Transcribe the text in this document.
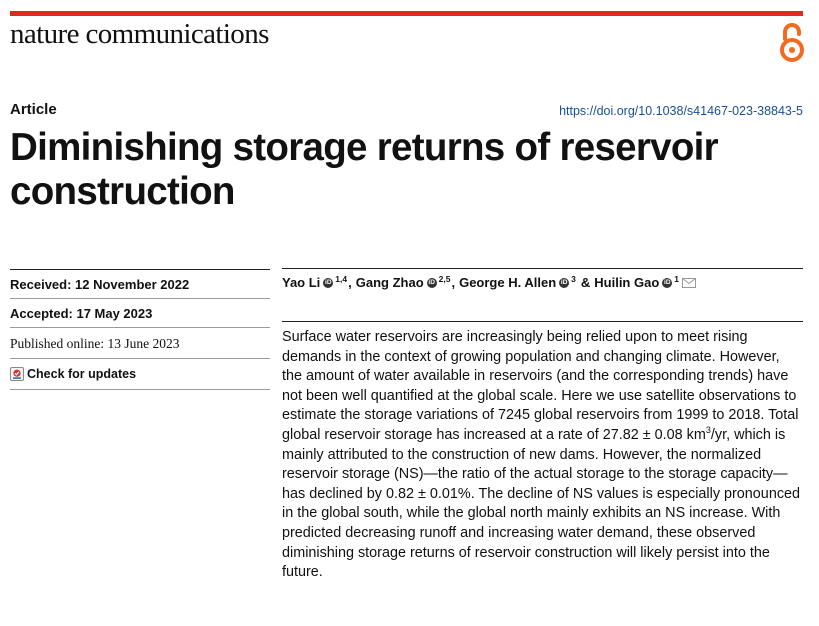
nature communications
Article	https://doi.org/10.1038/s41467-023-38843-5
Diminishing storage returns of reservoir
construction
Received: 12 November 2022
Accepted: 17 May 2023
Published online: 13 June 2023
Check for updates
Yao Li iD 1,4 , Gang Zhao iD 2,5 , George H. Allen iD 3 & Huilin Gao iD 1

Surface water reservoirs are increasingly being relied upon to meet rising demands in the context of growing population and changing climate. However, the amount of water available in reservoirs (and the corresponding trends) have not been well quantified at the global scale. Here we use satellite observations to estimate the storage variations of 7245 global reservoirs from 1999 to 2018. Total global reservoir storage has increased at a rate of 27.82 ± 0.08 $km^3/yr$, which is mainly attributed to the construction of new dams. However, the normalized reservoir storage (NS)—the ratio of the actual storage to the storage capacity—has declined by 0.82 ± 0.01%. The decline of NS values is especially pronounced in the global south, while the global north mainly exhibits an NS increase. With predicted decreasing runoff and increasing water demand, these observed diminishing storage returns of reservoir construction will likely persist into the future.
